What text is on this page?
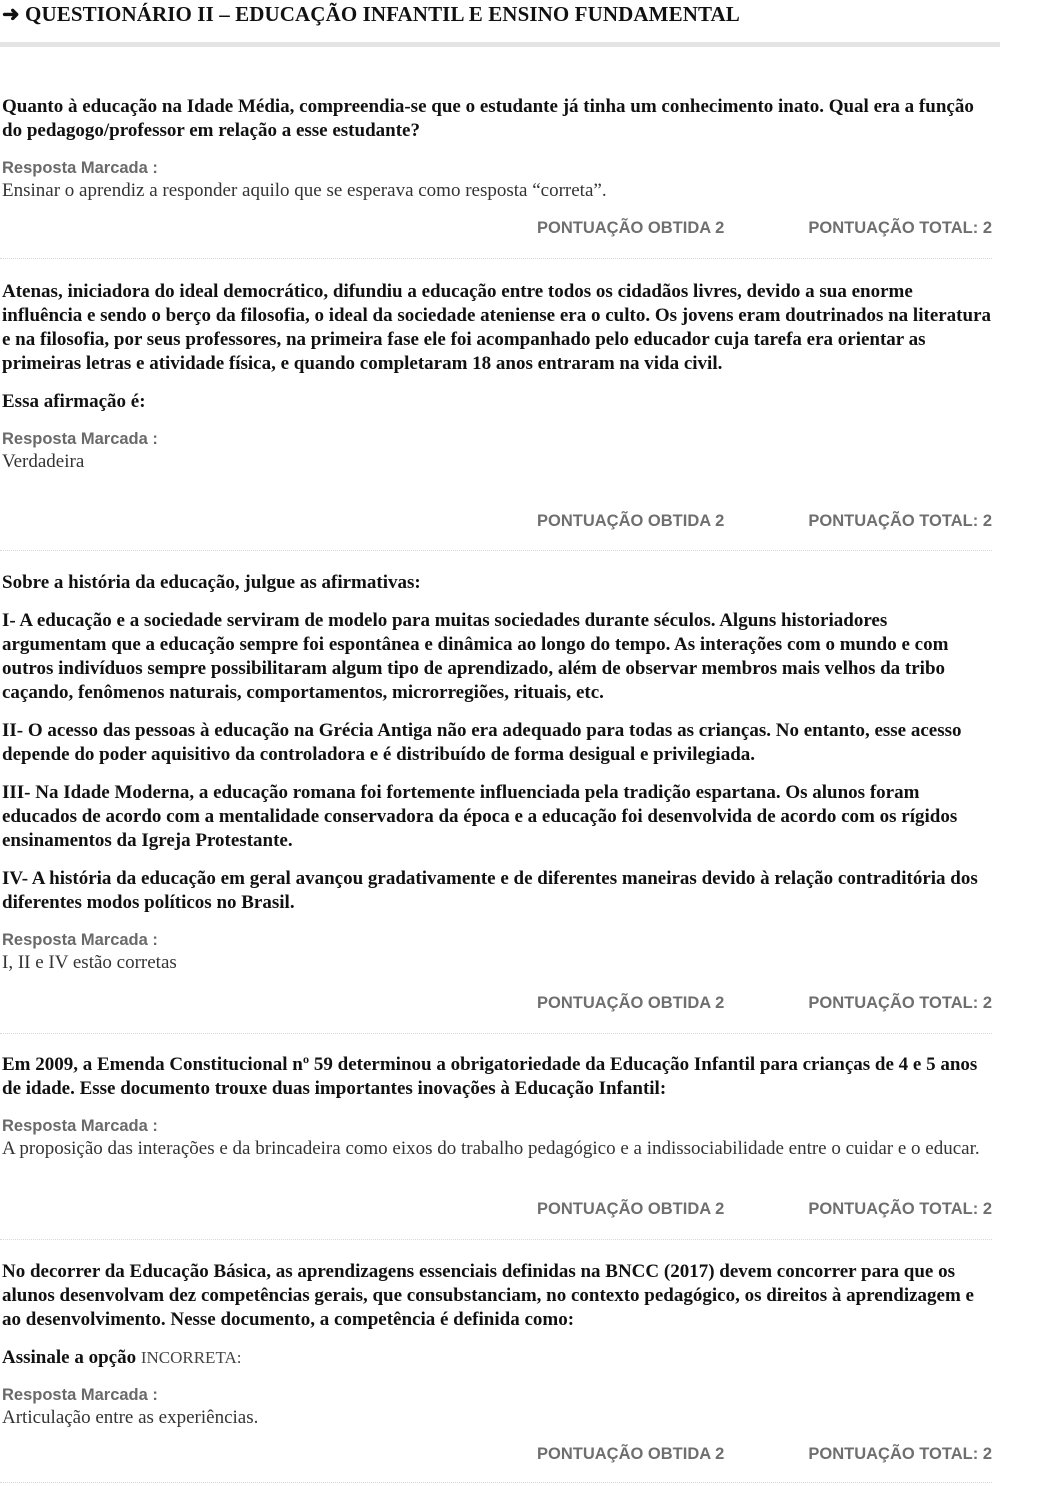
➜ QUESTIONÁRIO II – EDUCAÇÃO INFANTIL E ENSINO FUNDAMENTAL

Quanto à educação na Idade Média, compreendia-se que o estudante já tinha um conhecimento inato. Qual era a função do pedagogo/professor em relação a esse estudante?

Resposta Marcada :
Ensinar o aprendiz a responder aquilo que se esperava como resposta “correta”.
PONTUAÇÃO OBTIDA 2	PONTUAÇÃO TOTAL: 2

Atenas, iniciadora do ideal democrático, difundiu a educação entre todos os cidadãos livres, devido a sua enorme influência e sendo o berço da filosofia, o ideal da sociedade ateniense era o culto. Os jovens eram doutrinados na literatura e na filosofia, por seus professores, na primeira fase ele foi acompanhado pelo educador cuja tarefa era orientar as primeiras letras e atividade física, e quando completaram 18 anos entraram na vida civil.

Essa afirmação é:

Resposta Marcada :
Verdadeira
PONTUAÇÃO OBTIDA 2	PONTUAÇÃO TOTAL: 2

Sobre a história da educação, julgue as afirmativas:

I- A educação e a sociedade serviram de modelo para muitas sociedades durante séculos. Alguns historiadores argumentam que a educação sempre foi espontânea e dinâmica ao longo do tempo. As interações com o mundo e com outros indivíduos sempre possibilitaram algum tipo de aprendizado, além de observar membros mais velhos da tribo caçando, fenômenos naturais, comportamentos, microrregiões, rituais, etc.

II- O acesso das pessoas à educação na Grécia Antiga não era adequado para todas as crianças. No entanto, esse acesso depende do poder aquisitivo da controladora e é distribuído de forma desigual e privilegiada.

III- Na Idade Moderna, a educação romana foi fortemente influenciada pela tradição espartana. Os alunos foram educados de acordo com a mentalidade conservadora da época e a educação foi desenvolvida de acordo com os rígidos ensinamentos da Igreja Protestante.

IV- A história da educação em geral avançou gradativamente e de diferentes maneiras devido à relação contraditória dos diferentes modos políticos no Brasil.

Resposta Marcada :
I, II e IV estão corretas
PONTUAÇÃO OBTIDA 2	PONTUAÇÃO TOTAL: 2

Em 2009, a Emenda Constitucional nº 59 determinou a obrigatoriedade da Educação Infantil para crianças de 4 e 5 anos de idade. Esse documento trouxe duas importantes inovações à Educação Infantil:

Resposta Marcada :
A proposição das interações e da brincadeira como eixos do trabalho pedagógico e a indissociabilidade entre o cuidar e o educar.
PONTUAÇÃO OBTIDA 2	PONTUAÇÃO TOTAL: 2

No decorrer da Educação Básica, as aprendizagens essenciais definidas na BNCC (2017) devem concorrer para que os alunos desenvolvam dez competências gerais, que consubstanciam, no contexto pedagógico, os direitos à aprendizagem e ao desenvolvimento. Nesse documento, a competência é definida como:

Assinale a opção INCORRETA:

Resposta Marcada :
Articulação entre as experiências.
PONTUAÇÃO OBTIDA 2	PONTUAÇÃO TOTAL: 2
